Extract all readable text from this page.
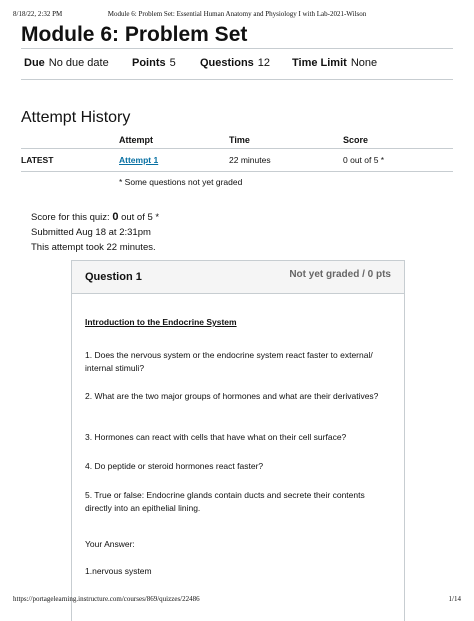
8/18/22, 2:32 PM	Module 6: Problem Set: Essential Human Anatomy and Physiology I with Lab-2021-Wilson
Module 6: Problem Set
Due No due date Points 5 Questions 12 Time Limit None
Attempt History
	Attempt	Time	Score
LATEST	Attempt 1	22 minutes	0 out of 5 *
	* Some questions not yet graded		
Score for this quiz: 0 out of 5 *
Submitted Aug 18 at 2:31pm
This attempt took 22 minutes.
Question 1	Not yet graded / 0 pts

Introduction to the Endocrine System

1. Does the nervous system or the endocrine system react faster to external/ internal stimuli?

2. What are the two major groups of hormones and what are their derivatives?

3. Hormones can react with cells that have what on their cell surface?

4. Do peptide or steroid hormones react faster?

5. True or false: Endocrine glands contain ducts and secrete their contents directly into an epithelial lining.

Your Answer:

1.nervous system

https://portagelearning.instructure.com/courses/869/quizzes/22486	1/14
